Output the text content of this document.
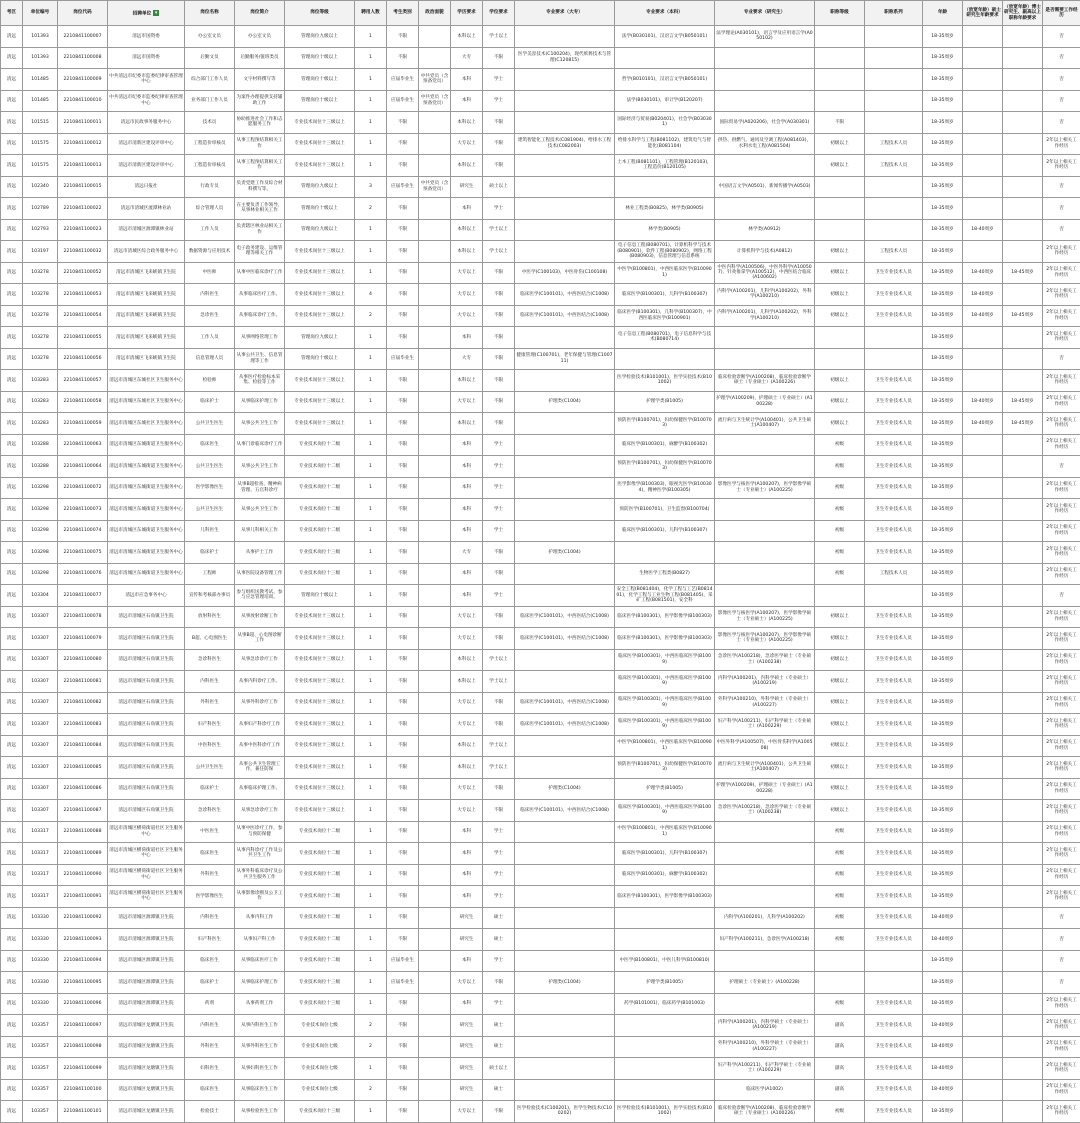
考区	单位编号	岗位代码	招聘单位 ▾	岗位名称	岗位简介	岗位等级	聘用人数	考生类别	政治面貌	学历要求	学位要求	专业要求（大专）	专业要求（本科）	专业要求（研究生）	职称等级	职称系列	年龄	（放宽年龄）硕士研究生年龄要求	（放宽年龄）博士研究生、副高以上职称年龄要求	是否需要工作经历
清远	101393	2210841100007	清远市国资委	办公室文员	办公室文员	管理岗位九级以上	1	不限		本科以上	学士以上		法学(B030101)，汉语言文学(B050101)	法学理论(A030101)，语言学及应用语言学(A050102)			18-35周岁			否
清远	101393	2210841100008	清远市国资委	后勤文员	后勤服务/值班类员	管理岗位十级以上	1	不限		大专	不限	医学美容技术(C100204)，现代殡葬技术与管理(C120815)					18-35周岁			否
清远	101485	2210841100009	中共清远市纪委市监委纪律审查管理中心	综合部门工作人员	文字材料撰写等	管理岗位十级以上	1	应届毕业生	中共党员（含预备党员）	本科	学士		哲学(B010101)，汉语言文学(B050101)				18-35周岁			否
清远	101485	2210841100010	中共清远市纪委市监委纪律审查管理中心	业务部门工作人员	为案件办理提供支持辅助工作	管理岗位十级以上	1	应届毕业生	中共党员（含预备党员）	本科	学士		法学(B030101)，审计学(B120207)				18-35周岁			否
清远	101515	2210841100011	清远市民政事务服务中心	技术员	协助推进社会工作和志愿服务工作	专业技术岗位十三级以上	1	不限		本科以上	不限		国际经济与贸易(B020401)，社会学(B030301)	国际贸易学(A020206)，社会学(A030301)	不限		18-35周岁			否
清远	101575	2210841100012	清远市清新区建设评审中心	工程造价审核员	从事工程预结算相关工作	专业技术岗位十三级以上	1	不限		大专以上	不限	建筑智能化工程技术(C081904)，给排水工程技术(C082003)	给排水科学与工程(B081102)，建筑电气与智能化(B081104)	供热、供燃气、通风及空调工程(A081403)，水利水电工程(A081504)	初级以上	工程技术人员	18-35周岁			2年以上相关工作经历
清远	101575	2210841100013	清远市清新区建设评审中心	工程造价审核员	从事工程预结算相关工作	专业技术岗位十三级以上	1	不限		本科以上	不限		土木工程(B081101)，工程管理(B120103)，工程造价(B120105)		初级以上	工程技术人员	18-35周岁			2年以上相关工作经历
清远	102340	2210841100015	清远日报社	行政专员	负责党建工作及综合材料撰写等。	管理岗位九级以上	3	应届毕业生	中共党员（含预备党员）	研究生	硕士以上			中国语言文学(A0501)，新闻传播学(A0503)			18-35周岁			否
清远	102789	2210841100022	清远市清城区流潭林业站	综合管理人员	在主要负责工作领导，从事林业相关工作	管理岗位十级以上	2	不限		本科	学士		林业工程类(B0825)，林学类(B0905)				18-35周岁			否
清远	102793	2210841100023	清远市清城区源潭镇林业站	工作人员	负责辖区林业站相关工作	管理岗位九级以上	1	不限		本科以上	学士以上		林学类(B0905)	林学类(A0912)			18-35周岁	18-40周岁		否
清远	103197	2210841100032	清远市清城区综合政务服务中心	数据资源与应用技术	电子政务建设、运维管理等相关工作	专业技术岗位十三级以上	1	不限		本科以上	学士以上		电子信息工程(B080701)，计算机科学与技术(B080901)，软件工程(B080902)，网络工程(B080903)，信息管理与信息系统	计算机科学与技术(A0812)	初级以上	工程技术人员	18-35周岁			2年以上相关工作经历
清远	103278	2210841100052	清远市清城区飞来峡镇卫生院	中医师	从事中医临床诊疗工作	专业技术岗位十三级以上	1	不限		大专以上	不限	中医学(C100103)，中医骨伤(C100108)	中医学(B100801)，中西医临床医学(B100901)	中医内科学(A100506)，中医外科学(A100507)，针灸推拿学(A100512)，中西医结合临床(A100602)	初级以上	卫生专业技术人员	18-35周岁	18-40周岁	18-45周岁	2年以上相关工作经历
清远	103278	2210841100053	清远市清城区飞来峡镇卫生院	内科医生	从事临床医疗工作。	专业技术岗位十三级以上	4	不限		大专以上	不限	临床医学(C100101)，中西医结合(C1008)	临床医学(B100301)，儿科学(B100307)	内科学(A100201)，儿科学(A100202)，外科学(A100210)	初级以上	卫生专业技术人员	18-35周岁	18-40周岁		2年以上相关工作经历
清远	103278	2210841100054	清远市清城区飞来峡镇卫生院	急诊医生	从事临床诊疗工作。	专业技术岗位十三级以上	2	不限		大专以上	不限	临床医学(C100101)，中西医结合(C1008)	临床医学(B100301)，儿科学(B100307)，中西医临床医学(B100901)	内科学(A100201)，儿科学(A100202)，外科学(A100210)	初级以上	卫生专业技术人员	18-35周岁	18-40周岁	18-45周岁	2年以上相关工作经历
清远	103278	2210841100055	清远市清城区飞来峡镇卫生院	工作人员	从事网络管理工作	管理岗位九级以上	1	不限		本科	不限		电子信息工程(B080701)，电子信息科学与技术(B080714)				18-35周岁			2年以上相关工作经历
清远	103278	2210841100056	清远市清城区飞来峡镇卫生院	信息管理人员	从事公共卫生、信息管理等工作	管理岗位十级以上	1	应届毕业生		大专	不限	健康管理(C100701)，老年保健与管理(C100711)					18-35周岁			否
清远	103283	2210841100057	清远市清城区东城社区卫生服务中心	检验师	从事医疗检验标本采集、检验等工作	专业技术岗位十三级以上	1	不限		本科以上	不限		医学检验技术(B101001)，医学实验技术(B101002)	临床检验诊断学(A100208)，临床检验诊断学硕士（专业硕士）(A100226)	初级以上	卫生专业技术人员	18-35周岁			2年以上相关工作经历
清远	103283	2210841100058	清远市清城区东城社区卫生服务中心	临床护士	从事临床护理工作	专业技术岗位十三级以上	1	不限		大专以上	不限	护理类(C1004)	护理学类(B1005)	护理学(A100209)，护理硕士（专业硕士）(A100228)	初级以上	卫生专业技术人员	18-35周岁	18-40周岁	18-45周岁	2年以上相关工作经历
清远	103283	2210841100059	清远市清城区东城社区卫生服务中心	公共卫生医生	从事公共卫生工作	专业技术岗位十三级以上	1	不限		本科以上	不限		预防医学(B100701)，妇幼保健医学(B100703)	流行病与卫生统计学(A100401)，公共卫生硕士(A100407)	初级以上	卫生专业技术人员	18-35周岁	18-40周岁	18-45周岁	2年以上相关工作经历
清远	103288	2210841100063	清远市清城区东城街道卫生服务中心	临床医生	从事门诊临床诊疗工作	专业技术岗位十二级	1	不限		本科	学士		临床医学(B100301)，麻醉学(B100302)		初级	卫生专业技术人员	18-35周岁			2年以上相关工作经历
清远	103288	2210841100064	清远市清城区东城街道卫生服务中心	公共卫生医生	从事公共卫生工作	专业技术岗位十二级	1	不限		本科	学士		预防医学(B100701)，妇幼保健医学(B100703)		初级	卫生专业技术人员	18-35周岁			否
清远	103298	2210841100072	清远市清城区东城街道卫生服务中心	医学影像医生	从事B超检查、精神病管理、五官科诊疗	专业技术岗位十二级	1	不限		本科	学士		医学影像学(B100303)，眼视光医学(B100304)，精神医学(B100305)	影像医学与核医学(A100207)，医学影像学硕士（专业硕士）(A100225)	初级	卫生专业技术人员	18-35周岁			2年以上相关工作经历
清远	103298	2210841100073	清远市清城区东城街道卫生服务中心	公共卫生医生	从事公共卫生工作	专业技术岗位十二级	1	不限		本科	学士		预防医学(B100701)，卫生监督(B100704)		初级	卫生专业技术人员	18-35周岁			2年以上相关工作经历
清远	103298	2210841100074	清远市清城区东城街道卫生服务中心	儿科医生	从事儿科相关工作	专业技术岗位十二级	1	不限		本科	学士		临床医学(B100301)，儿科学(B100307)		初级	卫生专业技术人员	18-35周岁			2年以上相关工作经历
清远	103298	2210841100075	清远市清城区东城街道卫生服务中心	临床护士	从事护士工作	专业技术岗位十三级	1	不限		大专	不限	护理类(C1004)			初级	卫生专业技术人员	18-35周岁			2年以上相关工作经历
清远	103298	2210841100076	清远市清城区东城街道卫生服务中心	工程师	从事医院设备管理工作	专业技术岗位十三级	1	不限		本科	不限		生物医学工程类(B0827)		初级	工程技术人员	18-35周岁			2年以上相关工作经历
清远	103304	2210841100077	清远市应急事务中心	宣传和考核部办事员	参与组织送教考试、参与应急管理培训。	管理岗位十级以上	1	不限		本科	学士		安全工程(B081404)，化学工程与工艺(B081401)，化学工程与工业生物工程(B081405)，采矿工程(B081501)，安全科				18-35周岁			否
清远	103307	2210841100078	清远市清城区石角镇卫生院	放射科医生	从事放射诊断工作	专业技术岗位十三级以上	1	不限		大专以上	不限	临床医学(C100101)，中西医结合(C1008)	临床医学(B100301)，医学影像学(B100303)	影像医学与核医学(A100207)，医学影像学硕士（专业硕士）(A100225)	初级以上	卫生专业技术人员	18-35周岁			2年以上相关工作经历
清远	103307	2210841100079	清远市清城区石角镇卫生院	B超、心电图医生	从事B超、心电图诊断工作	专业技术岗位十三级以上	1	不限		大专以上	不限	临床医学(C100101)，中西医结合(C1008)	临床医学(B100301)，医学影像学(B100303)	影像医学与核医学(A100207)，医学影像学硕士（专业硕士）(A100225)	初级以上	卫生专业技术人员	18-35周岁			2年以上相关工作经历
清远	103307	2210841100080	清远市清城区石角镇卫生院	急诊科医生	从事急诊诊疗工作	专业技术岗位十三级以上	1	不限		本科以上	学士以上		临床医学(B100301)，中西医临床医学(B1009)	急诊医学(A100218)，急诊医学硕士（专业硕士）(A100238)	初级以上	卫生专业技术人员	18-35周岁			2年以上相关工作经历
清远	103307	2210841100081	清远市清城区石角镇卫生院	内科医生	从事内科诊疗工作。	专业技术岗位十三级以上	1	不限		本科以上	学士以上		临床医学(B100301)，中西医临床医学(B1009)	内科学(A100201)，内科学硕士（专业硕士）(A100219)	初级以上	卫生专业技术人员	18-35周岁			2年以上相关工作经历
清远	103307	2210841100082	清远市清城区石角镇卫生院	外科医生	从事外科诊疗工作	专业技术岗位十三级以上	1	不限		大专以上	不限	临床医学(C100101)，中西医结合(C1008)	临床医学(B100301)，中西医临床医学(B1009)	外科学(A100210)，外科学硕士（专业硕士）(A100227)	初级以上	卫生专业技术人员	18-35周岁			2年以上相关工作经历
清远	103307	2210841100083	清远市清城区石角镇卫生院	妇产科医生	从事妇产科诊疗工作	专业技术岗位十三级以上	1	不限		大专以上	不限	临床医学(C100101)，中西医结合(C1008)	临床医学(B100301)，中西医临床医学(B1009)	妇产科学(A100211)，妇产科学硕士（专业硕士）(A100229)	初级以上	卫生专业技术人员	18-35周岁			2年以上相关工作经历
清远	103307	2210841100084	清远市清城区石角镇卫生院	中医科医生	从事中医科诊疗工作	专业技术岗位十三级以上	1	不限		本科以上	学士以上		中医学(B100801)，中西医临床医学(B100901)	中医外科学(A100507)，中医骨伤科学(A100508)	初级以上	卫生专业技术人员	18-35周岁			2年以上相关工作经历
清远	103307	2210841100085	清远市清城区石角镇卫生院	公共卫生医生	从事公共卫生管理工作，兼任防保	专业技术岗位十三级以上	1	不限		本科以上	学士以上		预防医学(B100701)，妇幼保健医学(B100703)	流行病与卫生统计学(A100401)，公共卫生硕士(A100407)	初级以上	卫生专业技术人员	18-35周岁			2年以上相关工作经历
清远	103307	2210841100086	清远市清城区石角镇卫生院	临床护士	从事临床护理工作。	专业技术岗位十三级以上	1	不限		大专以上	不限	护理类(C1004)	护理学类(B1005)	护理学(A100209)，护理硕士（专业硕士）(A100228)	初级以上	卫生专业技术人员	18-35周岁			2年以上相关工作经历
清远	103307	2210841100087	清远市清城区石角镇卫生院	急诊科医生	从事急诊诊疗工作	专业技术岗位十三级以上	1	不限		大专以上	不限	临床医学(C100101)，中西医结合(C1008)	临床医学(B100301)，中西医临床医学(B1009)	急诊医学(A100218)，急诊医学硕士（专业硕士）(A100238)	初级以上	卫生专业技术人员	18-35周岁			2年以上相关工作经历
清远	103317	2210841100088	清远市清城区横荷街道社区卫生服务中心	中医医生	从事中医诊疗工作，参与预防保健	专业技术岗位十二级	1	不限		本科	学士		中医学(B100801)，中西医临床医学(B100901)		初级	卫生专业技术人员	18-35周岁			2年以上相关工作经历
清远	103317	2210841100089	清远市清城区横荷街道社区卫生服务中心	临床医生	从事内科诊疗工作及公共卫生工作	专业技术岗位十二级	1	不限		本科	学士		临床医学(B100301)，儿科学(B100307)		初级	卫生专业技术人员	18-35周岁			2年以上相关工作经历
清远	103317	2210841100090	清远市清城区横荷街道社区卫生服务中心	外科医生	从事外科临床诊疗及公共卫生服务工作	专业技术岗位十二级	1	不限		本科	学士		临床医学(B100301)，麻醉学(B100302)		初级	卫生专业技术人员	18-35周岁			2年以上相关工作经历
清远	103317	2210841100091	清远市清城区横荷街道社区卫生服务中心	医学影像医生	从事影像诊断及公卫工作	专业技术岗位十二级	1	不限		本科	学士		临床医学(B100301)，医学影像学(B100303)		初级	卫生专业技术人员	18-35周岁			2年以上相关工作经历
清远	103330	2210841100092	清远市清城区源潭镇卫生院	内科医生	从事内科工作	专业技术岗位十二级	1	不限		研究生	硕士			内科学(A100201)，儿科学(A100202)	初级	卫生专业技术人员	18-40周岁			否
清远	103330	2210841100093	清远市清城区源潭镇卫生院	妇产科医生	从事妇产科工作	专业技术岗位十二级	1	不限		研究生	硕士			妇产科学(A100211)，急诊医学(A100218)	初级	卫生专业技术人员	18-40周岁			否
清远	103330	2210841100094	清远市清城区源潭镇卫生院	临床医生	从事临床医疗工作	专业技术岗位十二级	1	应届毕业生		本科	学士		中医学(B100801)，中医儿科学(B100810)				18-35周岁			否
清远	103330	2210841100095	清远市清城区源潭镇卫生院	临床护士	从事临床护理工作	专业技术岗位十三级	1	应届毕业生		大专以上	不限	护理类(C1004)	护理学类(B1005)	护理硕士（专业硕士）(A100228)			18-35周岁			否
清远	103330	2210841100096	清远市清城区源潭镇卫生院	药剂	从事药剂工作	专业技术岗位十三级	1	不限		本科	学士		药学(B101001)，临床药学(B101003)		初级	卫生专业技术人员	18-35周岁			2年以上相关工作经历
清远	103357	2210841100097	清远市清城区龙塘镇卫生院	内科医生	从事内科医生工作	专业技术岗位七级	2	不限		研究生	硕士			内科学(A100201)，内科学硕士（专业硕士）(A100219)	副高	卫生专业技术人员	18-40周岁			2年以上相关工作经历
清远	103357	2210841100098	清远市清城区龙塘镇卫生院	外科医生	从事外科医生工作	专业技术岗位七级	2	不限		研究生	硕士			外科学(A100210)，外科学硕士（专业硕士）(A100227)	副高	卫生专业技术人员	18-40周岁			2年以上相关工作经历
清远	103357	2210841100099	清远市清城区龙塘镇卫生院	妇科医生	从事妇科医生工作	专业技术岗位七级	1	不限		研究生	硕士以上			妇产科学(A100211)，妇产科学硕士（专业硕士）(A100229)	副高	卫生专业技术人员	18-40周岁			2年以上相关工作经历
清远	103357	2210841100100	清远市清城区龙塘镇卫生院	临床医生	从事临床医生工作	专业技术岗位七级	2	不限		研究生	硕士			临床医学(A1002)	副高	卫生专业技术人员	18-40周岁			2年以上相关工作经历
清远	103357	2210841100101	清远市清城区龙塘镇卫生院	检验技士	从事检验医生工作	专业技术岗位十三级	1	不限		大专以上	不限	医学检验技术(C100201)，医学生物技术(C100202)	医学检验技术(B101001)，医学实验技术(B101002)	临床检验诊断学(A100208)，临床检验诊断学硕士（专业硕士）(A100226)	初级	卫生专业技术人员	18-35周岁			2年以上相关工作经历
